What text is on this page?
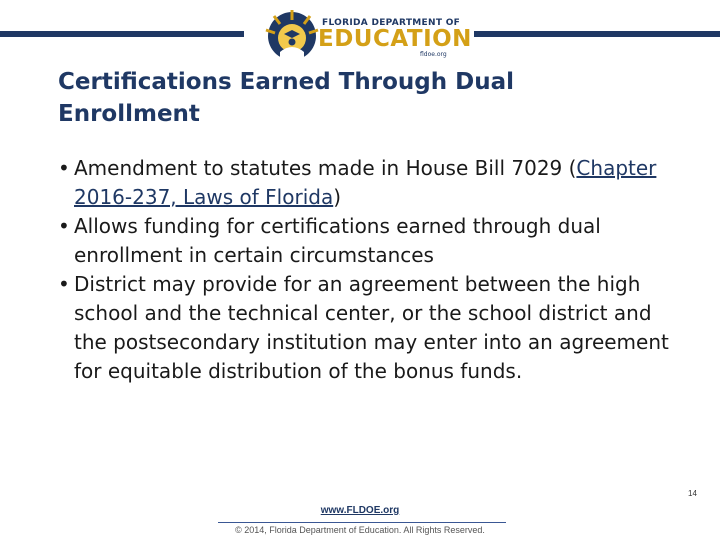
FLORIDA DEPARTMENT OF
EDUCATION
fldoe.org
Certifications Earned Through Dual Enrollment
• Amendment to statutes made in House Bill 7029 (Chapter 2016-237, Laws of Florida)
• Allows funding for certifications earned through dual enrollment in certain circumstances
• District may provide for an agreement between the high school and the technical center, or the school district and the postsecondary institution may enter into an agreement for equitable distribution of the bonus funds.
www.FLDOE.org
© 2014, Florida Department of Education. All Rights Reserved.
14
